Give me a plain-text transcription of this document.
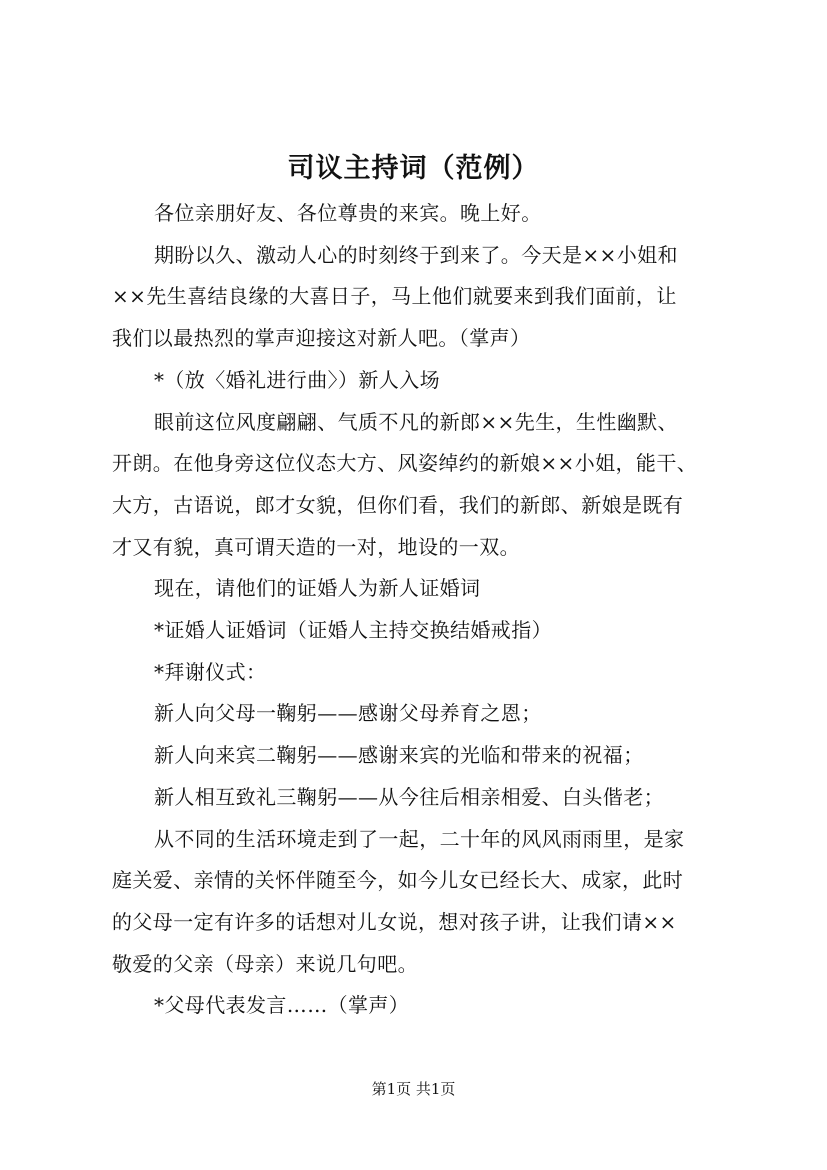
司议主持词（范例）

各位亲朋好友、各位尊贵的来宾。晚上好。

期盼以久、激动人心的时刻终于到来了。今天是××小姐和

××先生喜结良缘的大喜日子，马上他们就要来到我们面前，让

我们以最热烈的掌声迎接这对新人吧。（掌声）

*（放〈婚礼进行曲〉）新人入场

眼前这位风度翩翩、气质不凡的新郎××先生，生性幽默、

开朗。在他身旁这位仪态大方、风姿绰约的新娘××小姐，能干、

大方，古语说，郎才女貌，但你们看，我们的新郎、新娘是既有

才又有貌，真可谓天造的一对，地设的一双。

现在，请他们的证婚人为新人证婚词

*证婚人证婚词（证婚人主持交换结婚戒指）

*拜谢仪式：

新人向父母一鞠躬——感谢父母养育之恩；

新人向来宾二鞠躬——感谢来宾的光临和带来的祝福；

新人相互致礼三鞠躬——从今往后相亲相爱、白头偕老；

从不同的生活环境走到了一起，二十年的风风雨雨里，是家

庭关爱、亲情的关怀伴随至今，如今儿女已经长大、成家，此时

的父母一定有许多的话想对儿女说，想对孩子讲，让我们请××

敬爱的父亲（母亲）来说几句吧。

*父母代表发言……（掌声）

第1页 共1页
